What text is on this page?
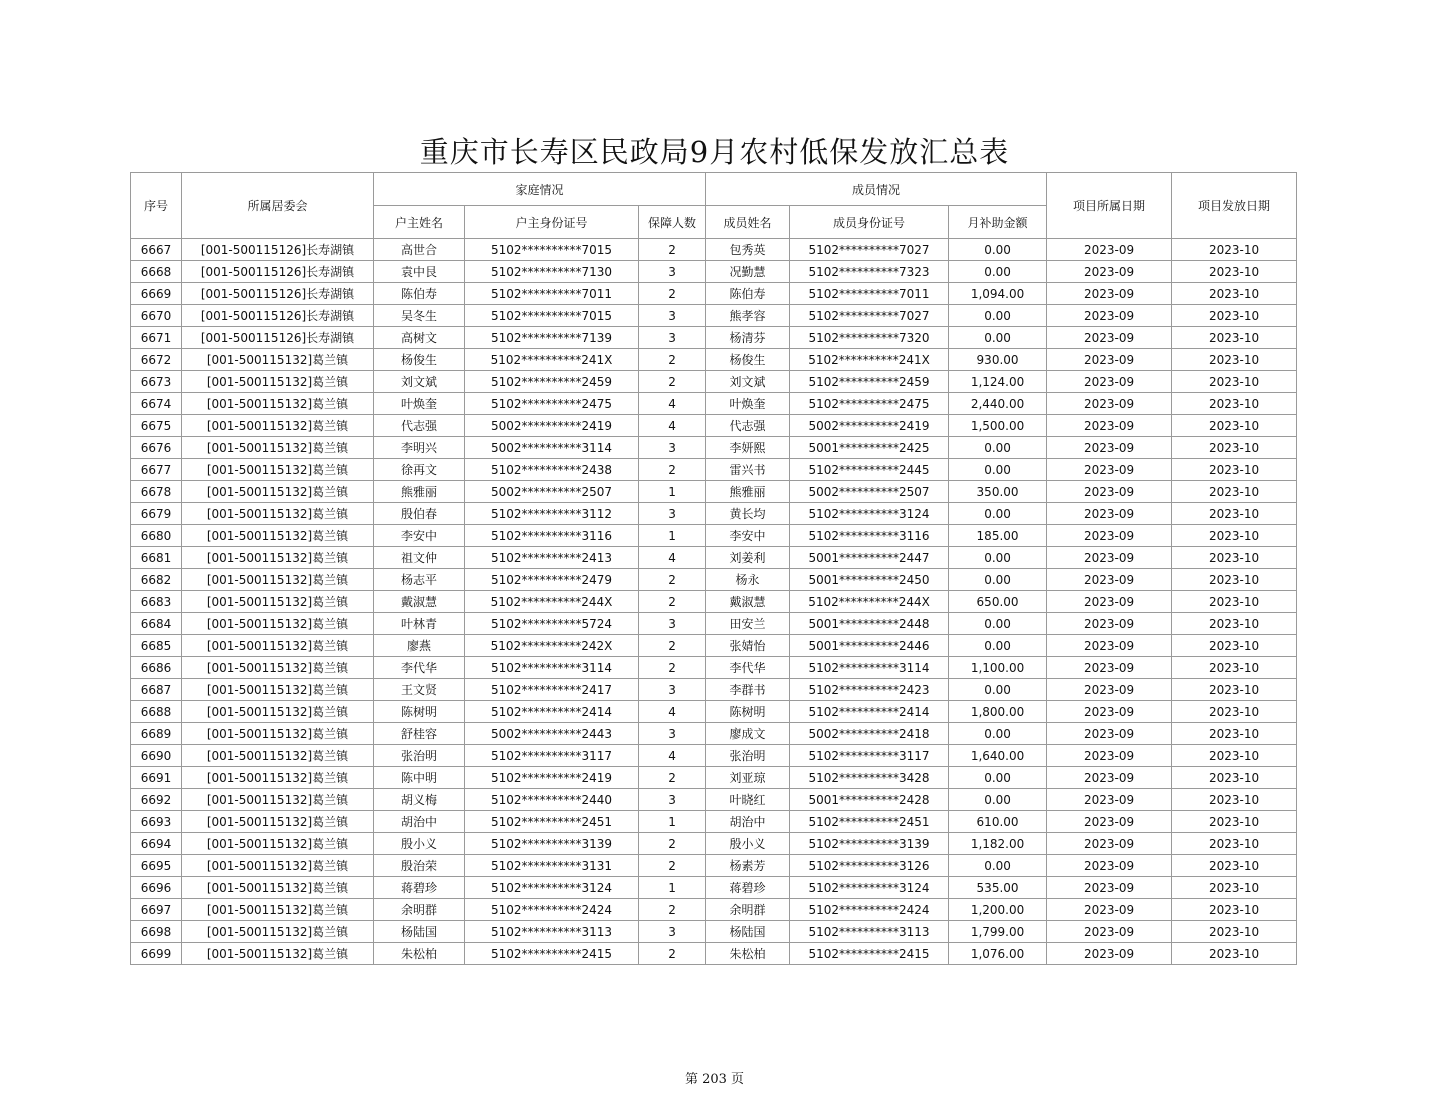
重庆市长寿区民政局9月农村低保发放汇总表
序号	所属居委会	家庭情况			成员情况			项目所属日期	项目发放日期
		户主姓名	户主身份证号	保障人数	成员姓名	成员身份证号	月补助金额		
6667	[001-500115126]长寿湖镇	高世合	5102**********7015	2	包秀英	5102**********7027	0.00	2023-09	2023-10
6668	[001-500115126]长寿湖镇	袁中艮	5102**********7130	3	况勤慧	5102**********7323	0.00	2023-09	2023-10
6669	[001-500115126]长寿湖镇	陈伯寿	5102**********7011	2	陈伯寿	5102**********7011	1,094.00	2023-09	2023-10
6670	[001-500115126]长寿湖镇	吴冬生	5102**********7015	3	熊孝容	5102**********7027	0.00	2023-09	2023-10
6671	[001-500115126]长寿湖镇	高树文	5102**********7139	3	杨清芬	5102**********7320	0.00	2023-09	2023-10
6672	[001-500115132]葛兰镇	杨俊生	5102**********241X	2	杨俊生	5102**********241X	930.00	2023-09	2023-10
6673	[001-500115132]葛兰镇	刘文斌	5102**********2459	2	刘文斌	5102**********2459	1,124.00	2023-09	2023-10
6674	[001-500115132]葛兰镇	叶焕奎	5102**********2475	4	叶焕奎	5102**********2475	2,440.00	2023-09	2023-10
6675	[001-500115132]葛兰镇	代志强	5002**********2419	4	代志强	5002**********2419	1,500.00	2023-09	2023-10
6676	[001-500115132]葛兰镇	李明兴	5002**********3114	3	李妍熙	5001**********2425	0.00	2023-09	2023-10
6677	[001-500115132]葛兰镇	徐再文	5102**********2438	2	雷兴书	5102**********2445	0.00	2023-09	2023-10
6678	[001-500115132]葛兰镇	熊雅丽	5002**********2507	1	熊雅丽	5002**********2507	350.00	2023-09	2023-10
6679	[001-500115132]葛兰镇	殷伯春	5102**********3112	3	黄长均	5102**********3124	0.00	2023-09	2023-10
6680	[001-500115132]葛兰镇	李安中	5102**********3116	1	李安中	5102**********3116	185.00	2023-09	2023-10
6681	[001-500115132]葛兰镇	祖文仲	5102**********2413	4	刘姜利	5001**********2447	0.00	2023-09	2023-10
6682	[001-500115132]葛兰镇	杨志平	5102**********2479	2	杨永	5001**********2450	0.00	2023-09	2023-10
6683	[001-500115132]葛兰镇	戴淑慧	5102**********244X	2	戴淑慧	5102**********244X	650.00	2023-09	2023-10
6684	[001-500115132]葛兰镇	叶林青	5102**********5724	3	田安兰	5001**********2448	0.00	2023-09	2023-10
6685	[001-500115132]葛兰镇	廖燕	5102**********242X	2	张婧怡	5001**********2446	0.00	2023-09	2023-10
6686	[001-500115132]葛兰镇	李代华	5102**********3114	2	李代华	5102**********3114	1,100.00	2023-09	2023-10
6687	[001-500115132]葛兰镇	王文贤	5102**********2417	3	李群书	5102**********2423	0.00	2023-09	2023-10
6688	[001-500115132]葛兰镇	陈树明	5102**********2414	4	陈树明	5102**********2414	1,800.00	2023-09	2023-10
6689	[001-500115132]葛兰镇	舒桂容	5002**********2443	3	廖成文	5002**********2418	0.00	2023-09	2023-10
6690	[001-500115132]葛兰镇	张治明	5102**********3117	4	张治明	5102**********3117	1,640.00	2023-09	2023-10
6691	[001-500115132]葛兰镇	陈中明	5102**********2419	2	刘亚琼	5102**********3428	0.00	2023-09	2023-10
6692	[001-500115132]葛兰镇	胡义梅	5102**********2440	3	叶晓红	5001**********2428	0.00	2023-09	2023-10
6693	[001-500115132]葛兰镇	胡治中	5102**********2451	1	胡治中	5102**********2451	610.00	2023-09	2023-10
6694	[001-500115132]葛兰镇	殷小义	5102**********3139	2	殷小义	5102**********3139	1,182.00	2023-09	2023-10
6695	[001-500115132]葛兰镇	殷治荣	5102**********3131	2	杨素芳	5102**********3126	0.00	2023-09	2023-10
6696	[001-500115132]葛兰镇	蒋碧珍	5102**********3124	1	蒋碧珍	5102**********3124	535.00	2023-09	2023-10
6697	[001-500115132]葛兰镇	余明群	5102**********2424	2	余明群	5102**********2424	1,200.00	2023-09	2023-10
6698	[001-500115132]葛兰镇	杨陆国	5102**********3113	3	杨陆国	5102**********3113	1,799.00	2023-09	2023-10
6699	[001-500115132]葛兰镇	朱松柏	5102**********2415	2	朱松柏	5102**********2415	1,076.00	2023-09	2023-10
第 203 页
